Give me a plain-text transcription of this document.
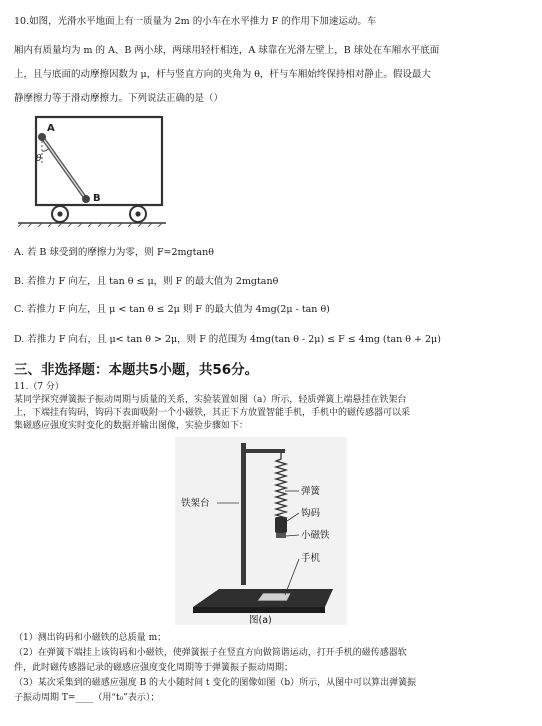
10.如图，光滑水平地面上有一质量为 2m 的小车在水平推力 F 的作用下加速运动。车
厢内有质量均为 m 的 A、B 两小球，两球用轻杆相连，A 球靠在光滑左壁上，B 球处在车厢水平底面
上，且与底面的动摩擦因数为 μ，杆与竖直方向的夹角为 θ，杆与车厢始终保持相对静止。假设最大
静摩擦力等于滑动摩擦力。下列说法正确的是（）
A
B
θ
A. 若 B 球受到的摩擦力为零，则 F=2mgtanθ
B. 若推力 F 向左，且 tan θ ≤ μ，则 F 的最大值为 2mgtanθ
C. 若推力 F 向左，且 μ < tan θ ≤ 2μ 则 F 的最大值为 4mg(2μ - tan θ)
D. 若推力 F 向右，且 μ< tan θ > 2μ，则 F 的范围为 4mg(tan θ - 2μ) ≤ F ≤ 4mg (tan θ + 2μ)
三、非选择题：本题共5小题，共56分。
11.（7 分）
某同学探究弹簧振子振动周期与质量的关系，实验装置如图（a）所示，轻质弹簧上端悬挂在铁架台
上，下端挂有钩码，钩码下表面吸附一个小磁铁，其正下方放置智能手机，手机中的磁传感器可以采
集磁感应强度实时变化的数据并输出图像，实验步骤如下：
铁架台
弹簧
钩码
小磁铁
手机
图(a)
（1）测出钩码和小磁铁的总质量 m；
（2）在弹簧下端挂上该钩码和小磁铁，使弹簧振子在竖直方向做简谐运动，打开手机的磁传感器软
件，此时磁传感器记录的磁感应强度变化周期等于弹簧振子振动周期；
（3）某次采集到的磁感应强度 B 的大小随时间 t 变化的图像如图（b）所示，从图中可以算出弹簧振
子振动周期 T=____（用“t₀”表示）；
